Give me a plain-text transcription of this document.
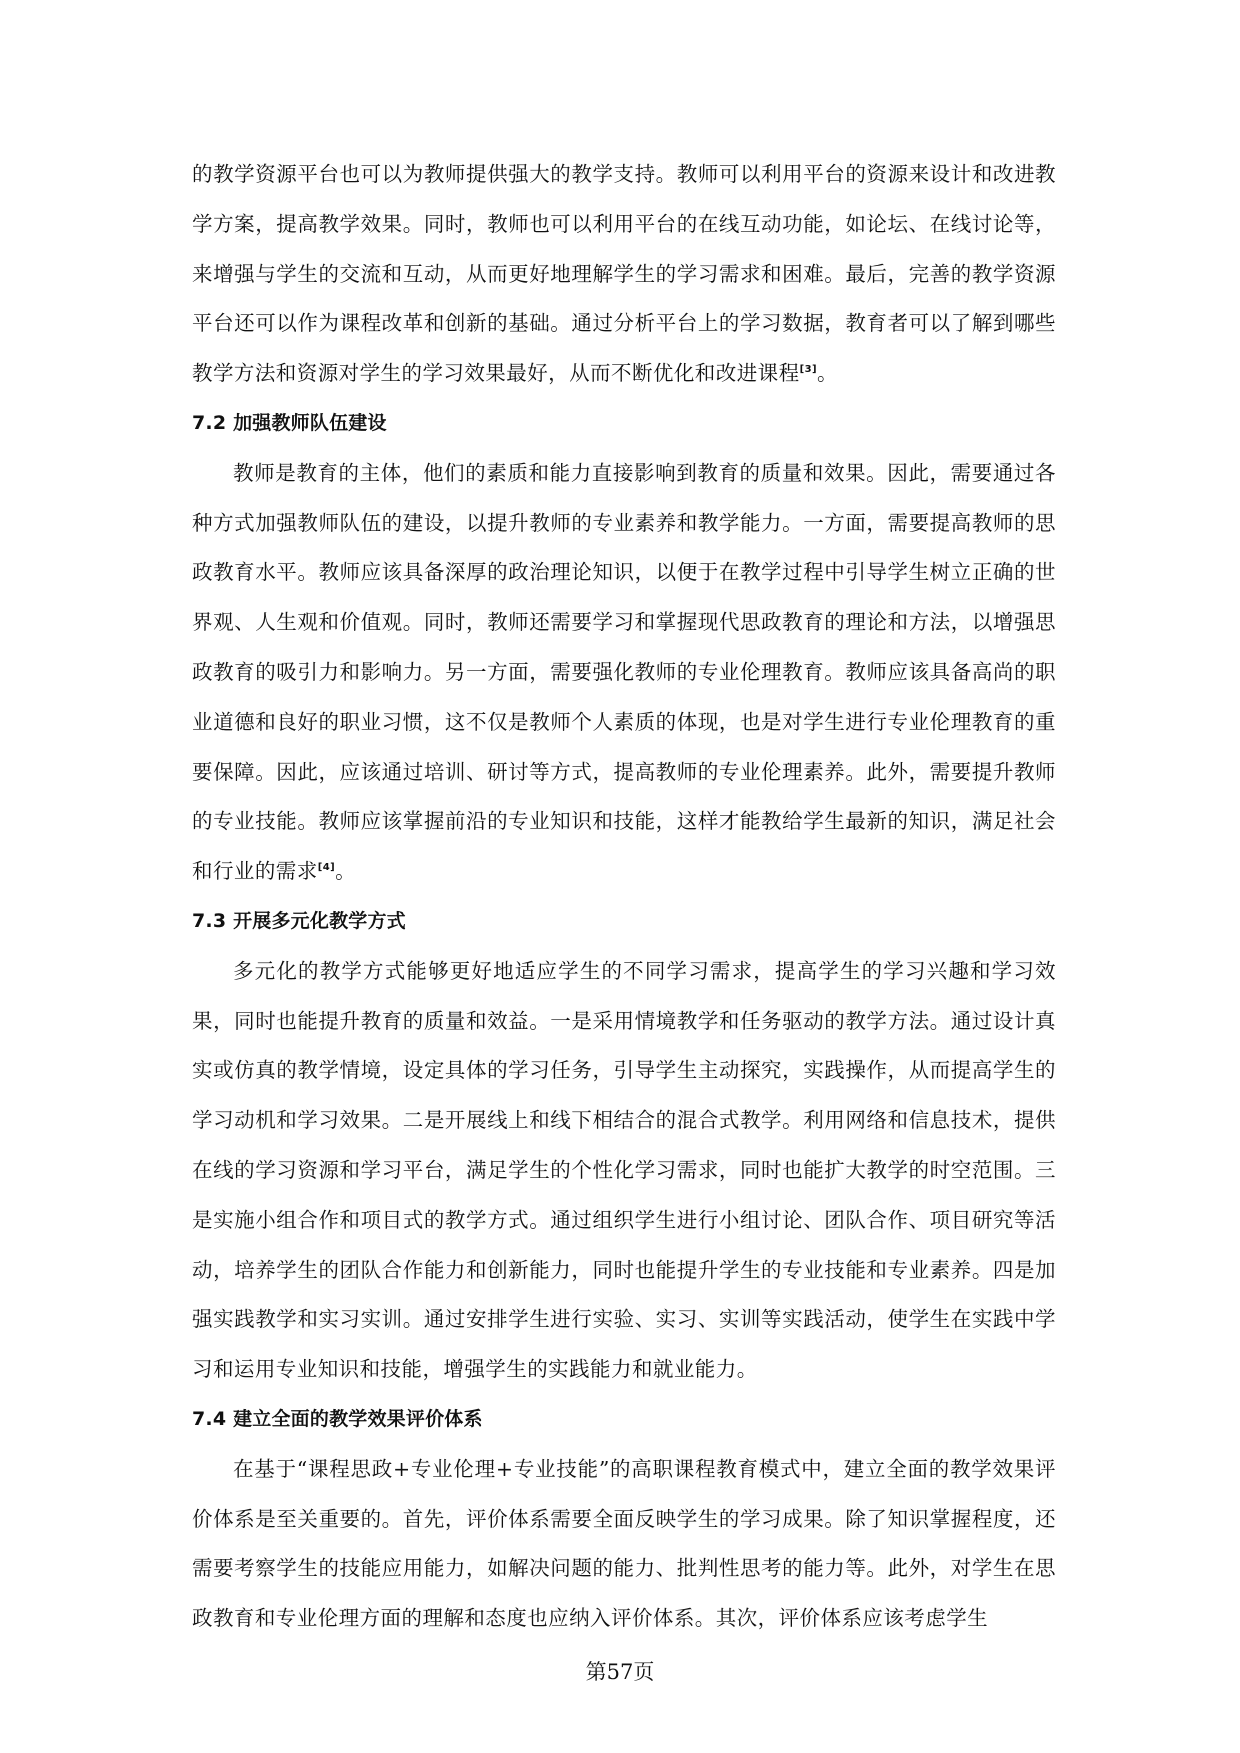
的教学资源平台也可以为教师提供强大的教学支持。教师可以利用平台的资源来设计和改进教学方案，提高教学效果。同时，教师也可以利用平台的在线互动功能，如论坛、在线讨论等，来增强与学生的交流和互动，从而更好地理解学生的学习需求和困难。最后，完善的教学资源平台还可以作为课程改革和创新的基础。通过分析平台上的学习数据，教育者可以了解到哪些教学方法和资源对学生的学习效果最好，从而不断优化和改进课程[3]。

7.2 加强教师队伍建设

教师是教育的主体，他们的素质和能力直接影响到教育的质量和效果。因此，需要通过各种方式加强教师队伍的建设，以提升教师的专业素养和教学能力。一方面，需要提高教师的思政教育水平。教师应该具备深厚的政治理论知识，以便于在教学过程中引导学生树立正确的世界观、人生观和价值观。同时，教师还需要学习和掌握现代思政教育的理论和方法，以增强思政教育的吸引力和影响力。另一方面，需要强化教师的专业伦理教育。教师应该具备高尚的职业道德和良好的职业习惯，这不仅是教师个人素质的体现，也是对学生进行专业伦理教育的重要保障。因此，应该通过培训、研讨等方式，提高教师的专业伦理素养。此外，需要提升教师的专业技能。教师应该掌握前沿的专业知识和技能，这样才能教给学生最新的知识，满足社会和行业的需求[4]。

7.3 开展多元化教学方式

多元化的教学方式能够更好地适应学生的不同学习需求，提高学生的学习兴趣和学习效果，同时也能提升教育的质量和效益。一是采用情境教学和任务驱动的教学方法。通过设计真实或仿真的教学情境，设定具体的学习任务，引导学生主动探究，实践操作，从而提高学生的学习动机和学习效果。二是开展线上和线下相结合的混合式教学。利用网络和信息技术，提供在线的学习资源和学习平台，满足学生的个性化学习需求，同时也能扩大教学的时空范围。三是实施小组合作和项目式的教学方式。通过组织学生进行小组讨论、团队合作、项目研究等活动，培养学生的团队合作能力和创新能力，同时也能提升学生的专业技能和专业素养。四是加强实践教学和实习实训。通过安排学生进行实验、实习、实训等实践活动，使学生在实践中学习和运用专业知识和技能，增强学生的实践能力和就业能力。

7.4 建立全面的教学效果评价体系

在基于“课程思政+专业伦理+专业技能”的高职课程教育模式中，建立全面的教学效果评价体系是至关重要的。首先，评价体系需要全面反映学生的学习成果。除了知识掌握程度，还需要考察学生的技能应用能力，如解决问题的能力、批判性思考的能力等。此外，对学生在思政教育和专业伦理方面的理解和态度也应纳入评价体系。其次，评价体系应该考虑学生

第57页
